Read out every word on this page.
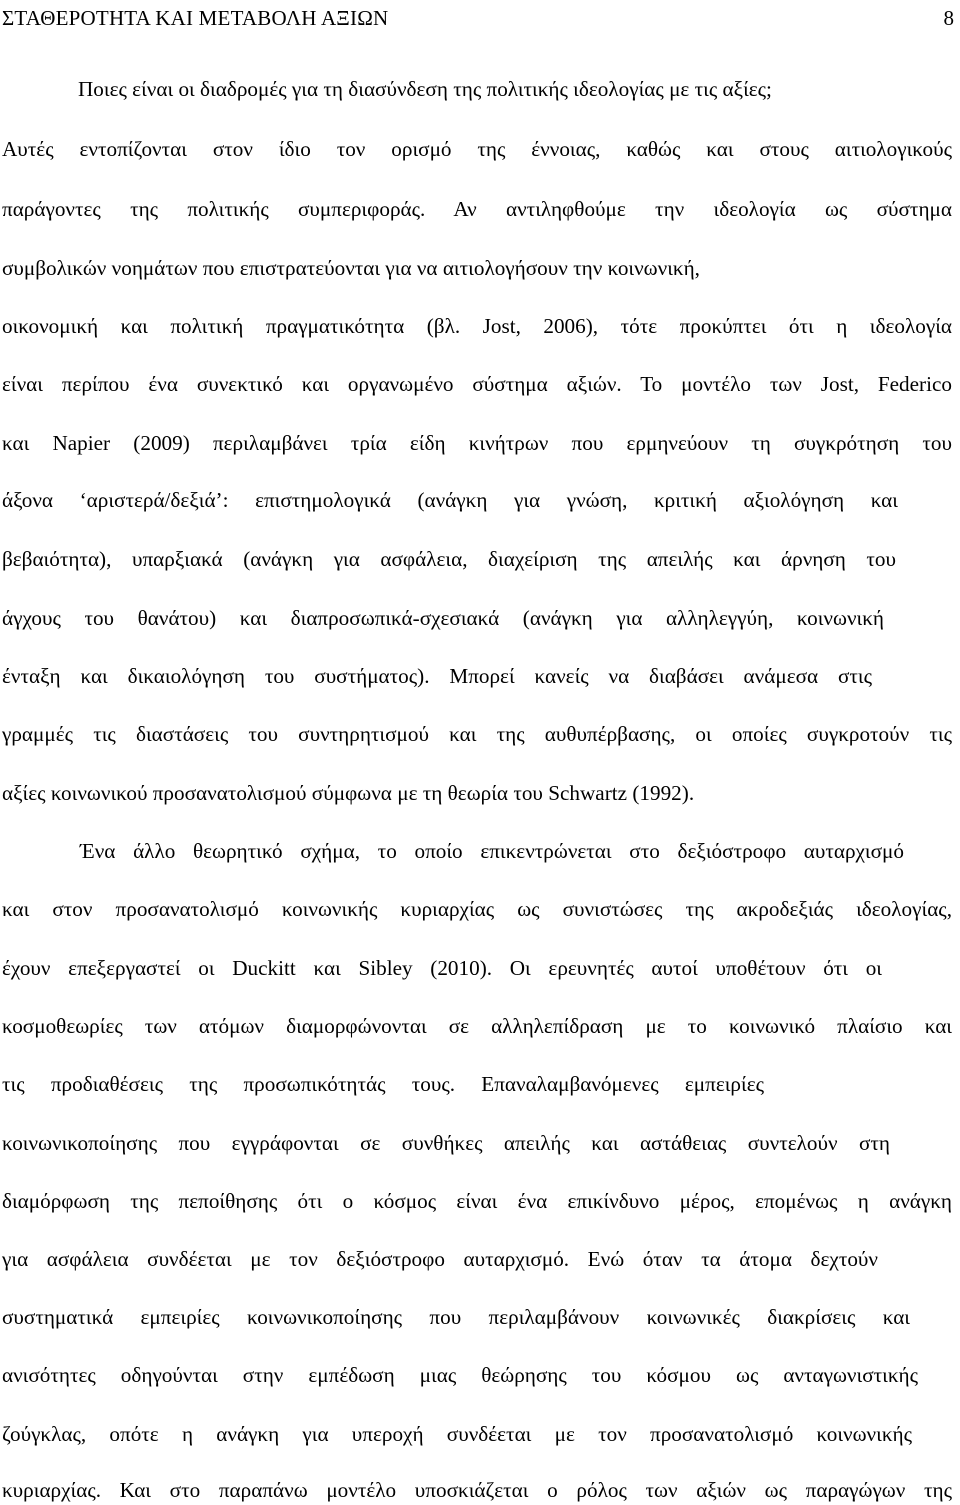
ΣΤΑΘΕΡΟΤΗΤΑ ΚΑΙ ΜΕΤΑΒΟΛΗ ΑΞΙΩΝ	8
Ποιες είναι οι διαδρομές για τη διασύνδεση της πολιτικής ιδεολογίας με τις αξίες;
Αυτές εντοπίζονται στον ίδιο τον ορισμό της έννοιας, καθώς και στους αιτιολογικούς
παράγοντες της πολιτικής συμπεριφοράς. Αν αντιληφθούμε την ιδεολογία ως σύστημα
συμβολικών νοημάτων που επιστρατεύονται για να αιτιολογήσουν την κοινωνική,
οικονομική και πολιτική πραγματικότητα (βλ. Jost, 2006), τότε προκύπτει ότι η ιδεολογία
είναι περίπου ένα συνεκτικό και οργανωμένο σύστημα αξιών. Το μοντέλο των Jost, Federico
και Napier (2009) περιλαμβάνει τρία είδη κινήτρων που ερμηνεύουν τη συγκρότηση του
άξονα ‘αριστερά/δεξιά’: επιστημολογικά (ανάγκη για γνώση, κριτική αξιολόγηση και
βεβαιότητα), υπαρξιακά (ανάγκη για ασφάλεια, διαχείριση της απειλής και άρνηση του
άγχους του θανάτου) και διαπροσωπικά-σχεσιακά (ανάγκη για αλληλεγγύη, κοινωνική
ένταξη και δικαιολόγηση του συστήματος). Μπορεί κανείς να διαβάσει ανάμεσα στις
γραμμές τις διαστάσεις του συντηρητισμού και της αυθυπέρβασης, οι οποίες συγκροτούν τις
αξίες κοινωνικού προσανατολισμού σύμφωνα με τη θεωρία του Schwartz (1992).
Ένα άλλο θεωρητικό σχήμα, το οποίο επικεντρώνεται στο δεξιόστροφο αυταρχισμό
και στον προσανατολισμό κοινωνικής κυριαρχίας ως συνιστώσες της ακροδεξιάς ιδεολογίας,
έχουν επεξεργαστεί οι Duckitt και Sibley (2010). Οι ερευνητές αυτοί υποθέτουν ότι οι
κοσμοθεωρίες των ατόμων διαμορφώνονται σε αλληλεπίδραση με το κοινωνικό πλαίσιο και
τις προδιαθέσεις της προσωπικότητάς τους. Επαναλαμβανόμενες εμπειρίες
κοινωνικοποίησης που εγγράφονται σε συνθήκες απειλής και αστάθειας συντελούν στη
διαμόρφωση της πεποίθησης ότι ο κόσμος είναι ένα επικίνδυνο μέρος, επομένως η ανάγκη
για ασφάλεια συνδέεται με τον δεξιόστροφο αυταρχισμό. Ενώ όταν τα άτομα δεχτούν
συστηματικά εμπειρίες κοινωνικοποίησης που περιλαμβάνουν κοινωνικές διακρίσεις και
ανισότητες οδηγούνται στην εμπέδωση μιας θεώρησης του κόσμου ως ανταγωνιστικής
ζούγκλας, οπότε η ανάγκη για υπεροχή συνδέεται με τον προσανατολισμό κοινωνικής
κυριαρχίας. Και στο παραπάνω μοντέλο υποσκιάζεται ο ρόλος των αξιών ως παραγώγων της
